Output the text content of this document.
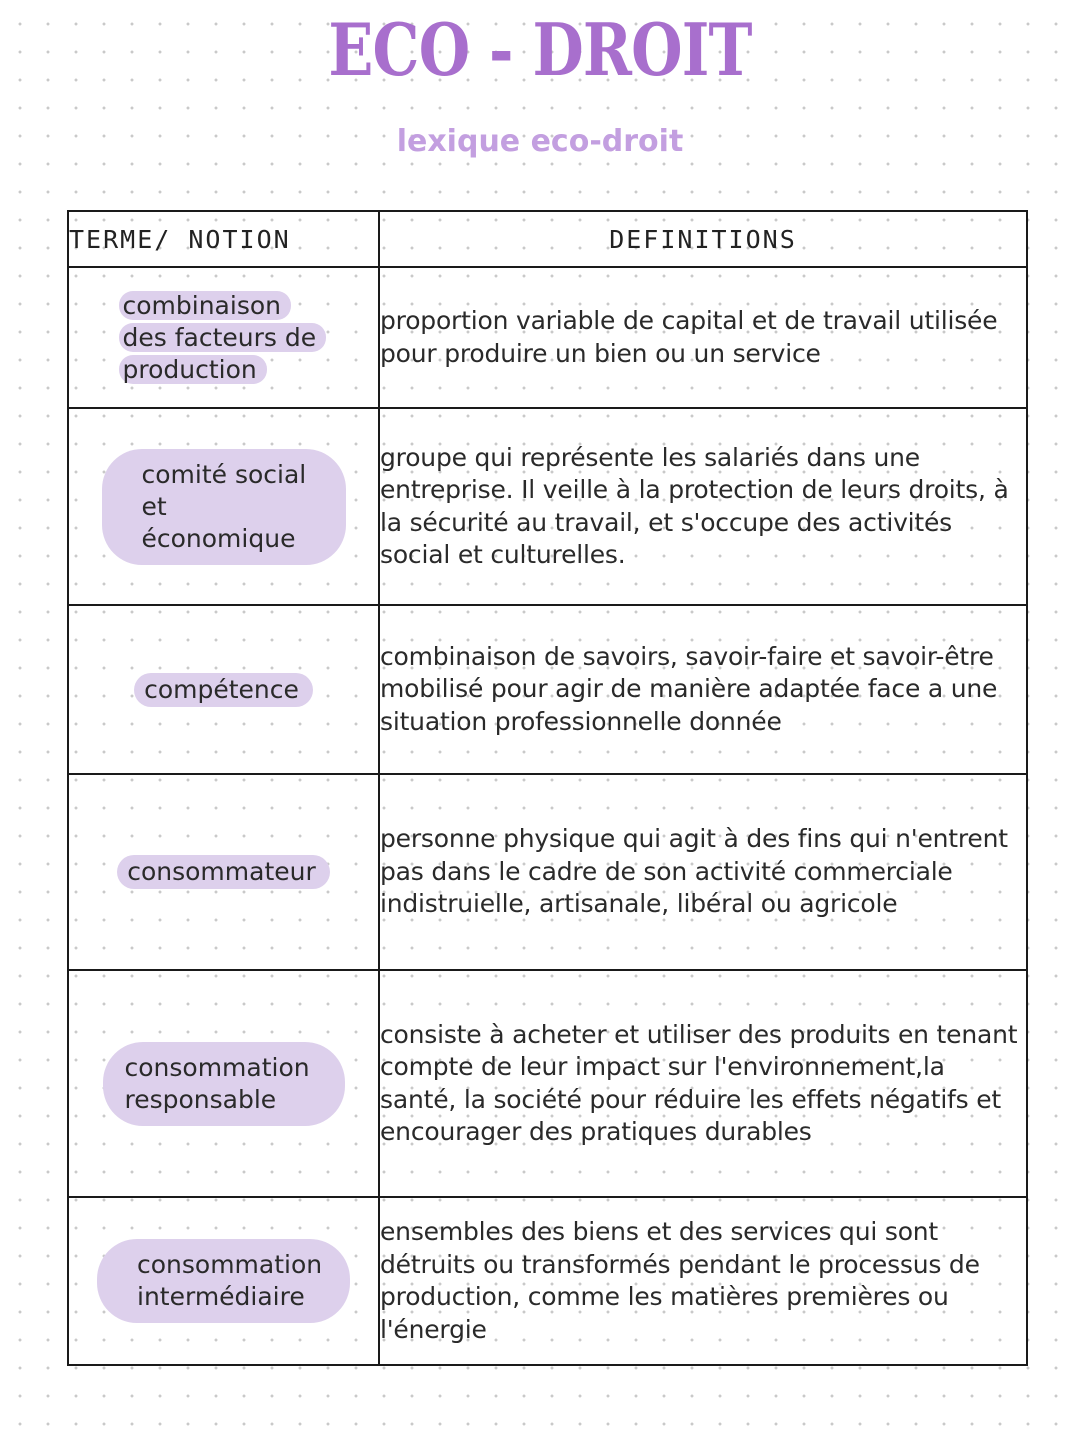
ECO - DROIT
lexique eco-droit
TERME/ NOTION	DEFINITIONS
combinaison des facteurs de production	proportion variable de capital et de travail utilisée pour produire un bien ou un service
comité social et économique	groupe qui représente les salariés dans une entreprise. Il veille à la protection de leurs droits, à la sécurité au travail, et s'occupe des activités social et culturelles.
compétence	combinaison de savoirs, savoir-faire et savoir-être mobilisé pour agir de manière adaptée face a une situation professionnelle donnée
consommateur	personne physique qui agit à des fins qui n'entrent pas dans le cadre de son activité commerciale indistruielle, artisanale, libéral ou agricole
consommation responsable	consiste à acheter et utiliser des produits en tenant compte de leur impact sur l'environnement,la santé, la société pour réduire les effets négatifs et encourager des pratiques durables
consommation intermédiaire	ensembles des biens et des services qui sont détruits ou transformés pendant le processus de production, comme les matières premières ou l'énergie
